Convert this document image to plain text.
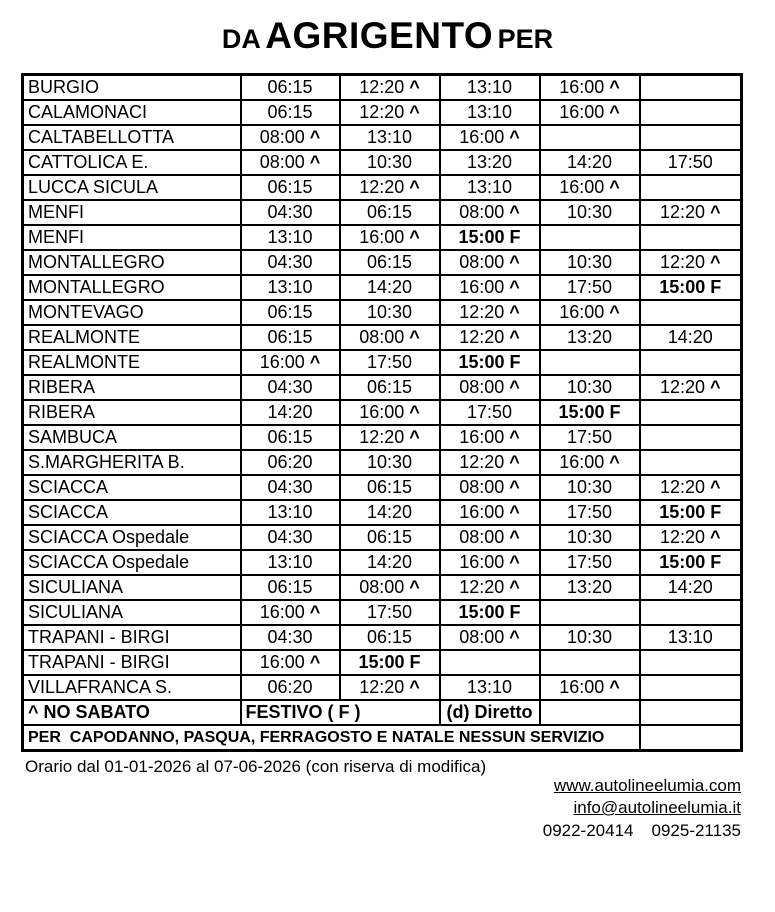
DA AGRIGENTO PER
BURGIO	06:15	12:20 ^	13:10	16:00 ^	
CALAMONACI	06:15	12:20 ^	13:10	16:00 ^	
CALTABELLOTTA	08:00 ^	13:10	16:00 ^		
CATTOLICA E.	08:00 ^	10:30	13:20	14:20	17:50
LUCCA SICULA	06:15	12:20 ^	13:10	16:00 ^	
MENFI	04:30	06:15	08:00 ^	10:30	12:20 ^
MENFI	13:10	16:00 ^	15:00 F		
MONTALLEGRO	04:30	06:15	08:00 ^	10:30	12:20 ^
MONTALLEGRO	13:10	14:20	16:00 ^	17:50	15:00 F
MONTEVAGO	06:15	10:30	12:20 ^	16:00 ^	
REALMONTE	06:15	08:00 ^	12:20 ^	13:20	14:20
REALMONTE	16:00 ^	17:50	15:00 F		
RIBERA	04:30	06:15	08:00 ^	10:30	12:20 ^
RIBERA	14:20	16:00 ^	17:50	15:00 F	
SAMBUCA	06:15	12:20 ^	16:00 ^	17:50	
S.MARGHERITA B.	06:20	10:30	12:20 ^	16:00 ^	
SCIACCA	04:30	06:15	08:00 ^	10:30	12:20 ^
SCIACCA	13:10	14:20	16:00 ^	17:50	15:00 F
SCIACCA Ospedale	04:30	06:15	08:00 ^	10:30	12:20 ^
SCIACCA Ospedale	13:10	14:20	16:00 ^	17:50	15:00 F
SICULIANA	06:15	08:00 ^	12:20 ^	13:20	14:20
SICULIANA	16:00 ^	17:50	15:00 F		
TRAPANI - BIRGI	04:30	06:15	08:00 ^	10:30	13:10
TRAPANI - BIRGI	16:00 ^	15:00 F			
VILLAFRANCA S.	06:20	12:20 ^	13:10	16:00 ^	
^ NO SABATO	FESTIVO ( F )		(d) Diretto		
PER  CAPODANNO, PASQUA, FERRAGOSTO E NATALE NESSUN SERVIZIO					
Orario dal 01-01-2026 al 07-06-2026 (con riserva di modifica)
www.autolineelumia.com
info@autolineelumia.it
0922-20414 0925-21135
